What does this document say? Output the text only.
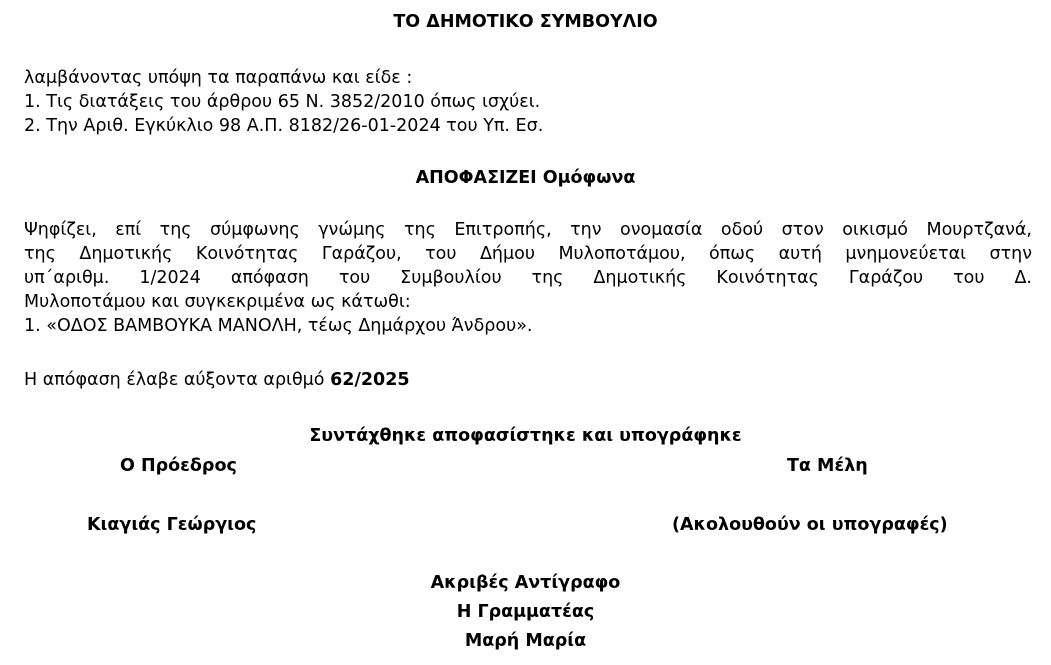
ΤΟ ΔΗΜΟΤΙΚΟ ΣΥΜΒΟΥΛΙΟ
λαμβάνοντας υπόψη τα παραπάνω και είδε :
1. Τις διατάξεις του άρθρου 65 Ν. 3852/2010 όπως ισχύει.
2. Την Αριθ. Εγκύκλιο 98 Α.Π. 8182/26-01-2024 του Υπ. Εσ.
ΑΠΟΦΑΣΙΖΕΙ Ομόφωνα
Ψηφίζει, επί της σύμφωνης γνώμης της Επιτροπής, την ονομασία οδού στον οικισμό Μουρτζανά,
της Δημοτικής Κοινότητας Γαράζου, του Δήμου Μυλοποτάμου, όπως αυτή μνημονεύεται στην
υπ΄αριθμ. 1/2024 απόφαση του Συμβουλίου της Δημοτικής Κοινότητας Γαράζου του Δ.
Μυλοποτάμου και συγκεκριμένα ως κάτωθι:
1. «ΟΔΟΣ ΒΑΜΒΟΥΚΑ ΜΑΝΟΛΗ, τέως Δημάρχου Άνδρου».
Η απόφαση έλαβε αύξοντα αριθμό 62/2025
Συντάχθηκε αποφασίστηκε και υπογράφηκε
Ο Πρόεδρος	Τα Μέλη
Κιαγιάς Γεώργιος	(Ακολουθούν οι υπογραφές)
Ακριβές Αντίγραφο
Η Γραμματέας
Μαρή Μαρία
